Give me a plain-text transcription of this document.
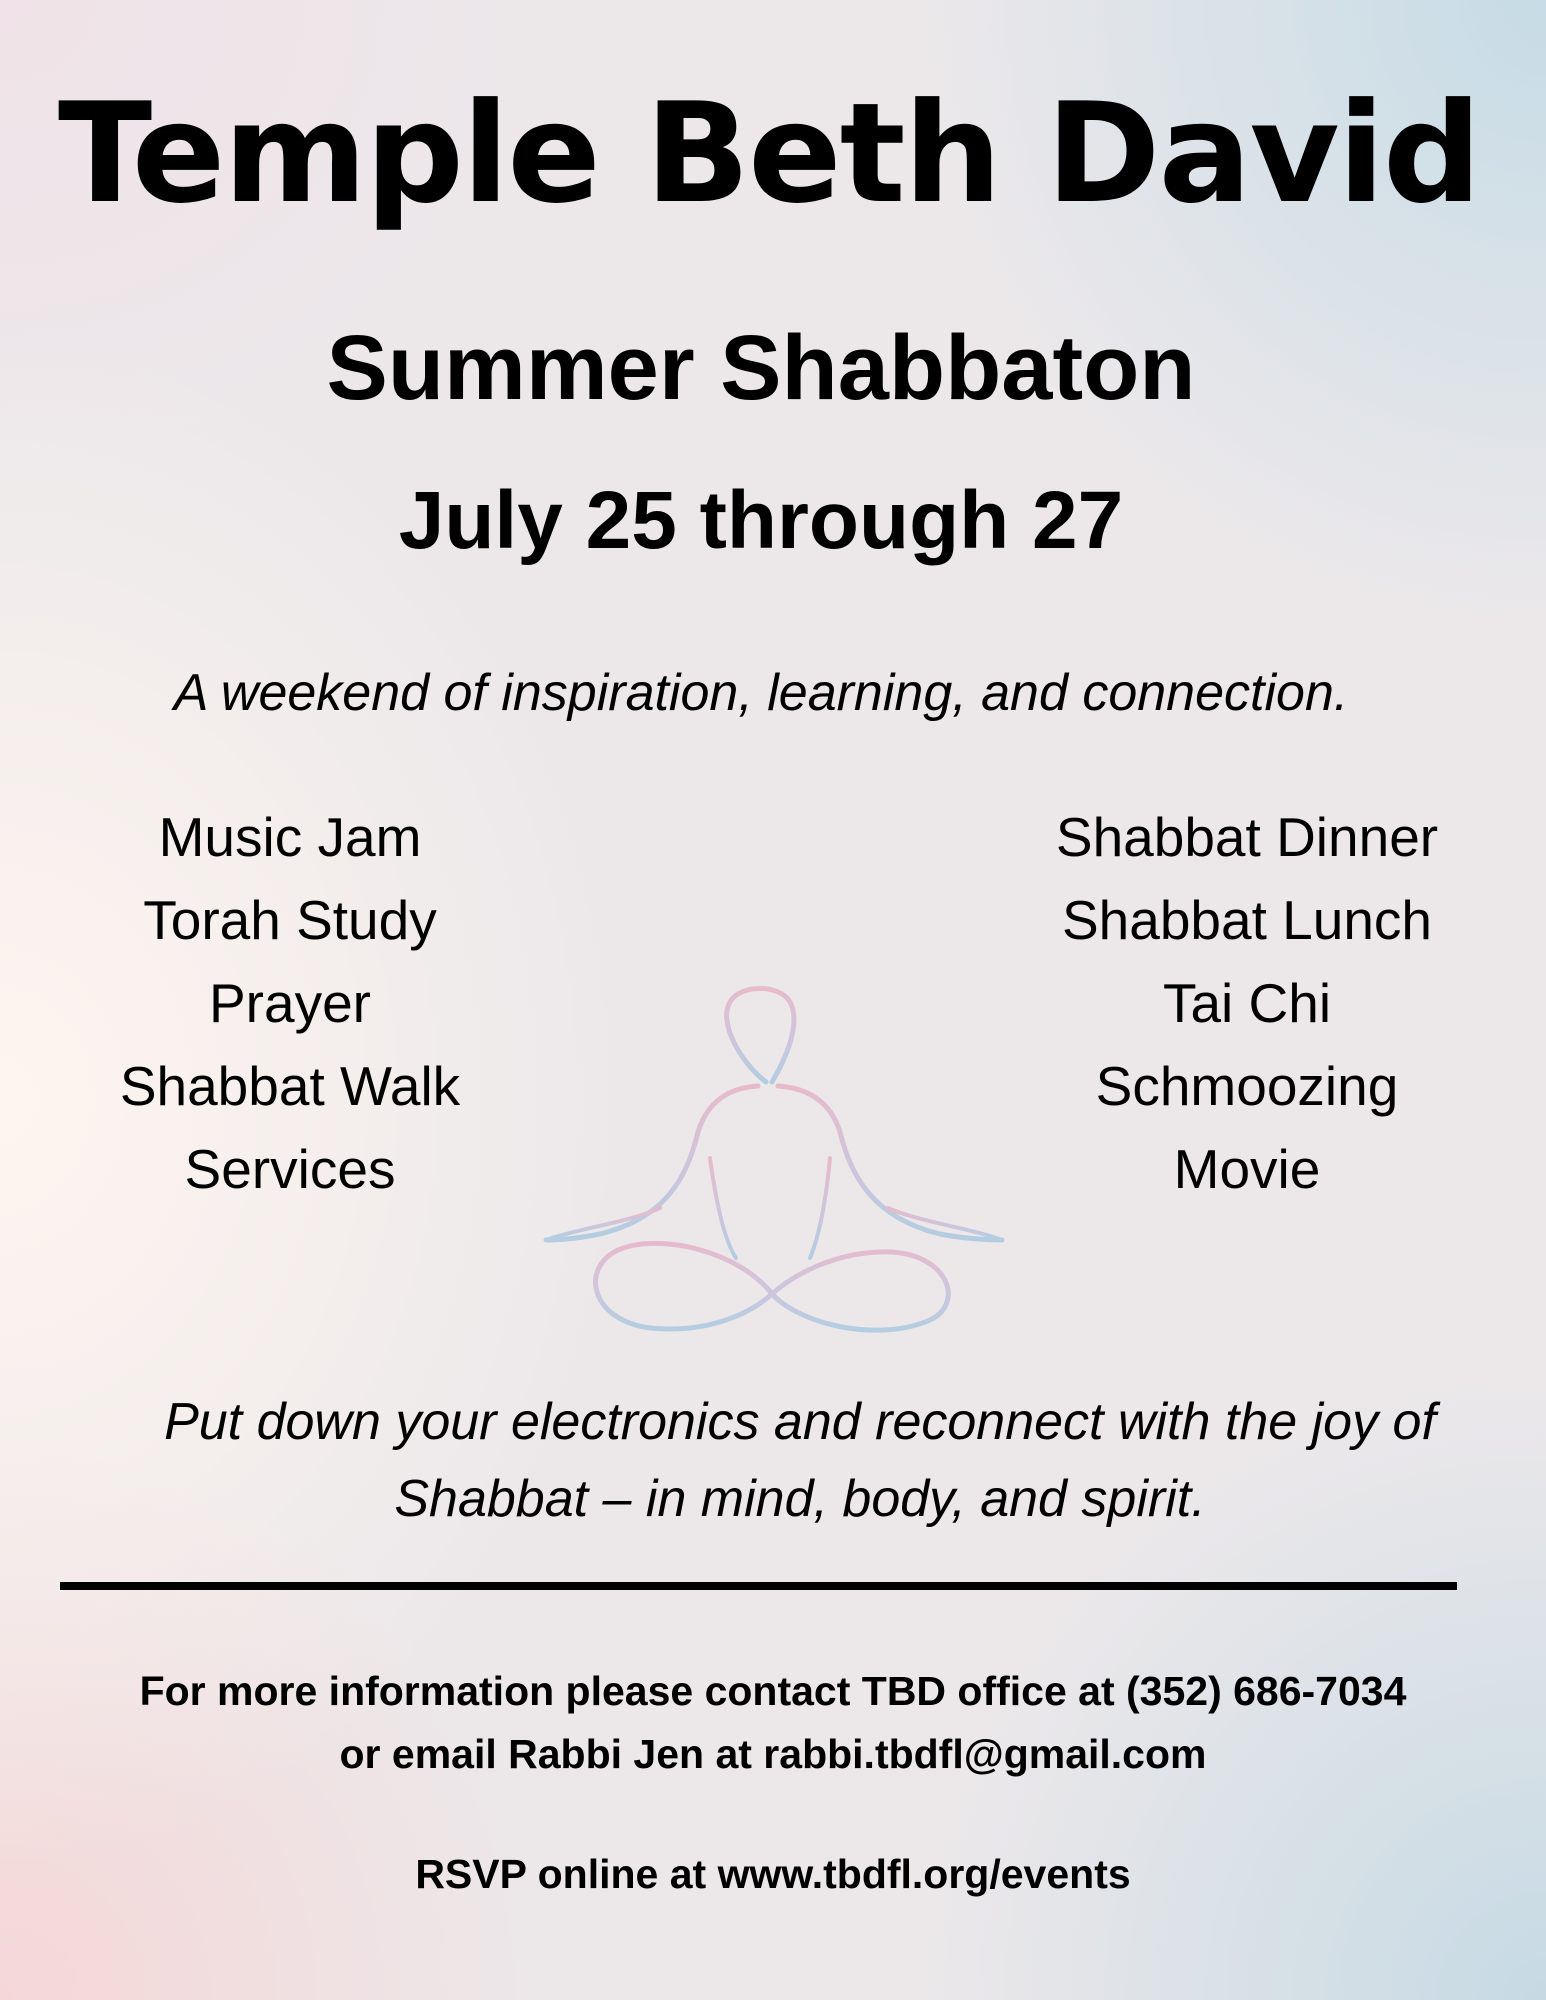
Temple Beth David
Summer Shabbaton
July 25 through 27
A weekend of inspiration, learning, and connection.
Music Jam
Torah Study
Prayer
Shabbat Walk
Services
Shabbat Dinner
Shabbat Lunch
Tai Chi
Schmoozing
Movie

Put down your electronics and reconnect with the joy of
Shabbat – in mind, body, and spirit.

For more information please contact TBD office at (352) 686-7034
or email Rabbi Jen at rabbi.tbdfl@gmail.com

RSVP online at www.tbdfl.org/events
